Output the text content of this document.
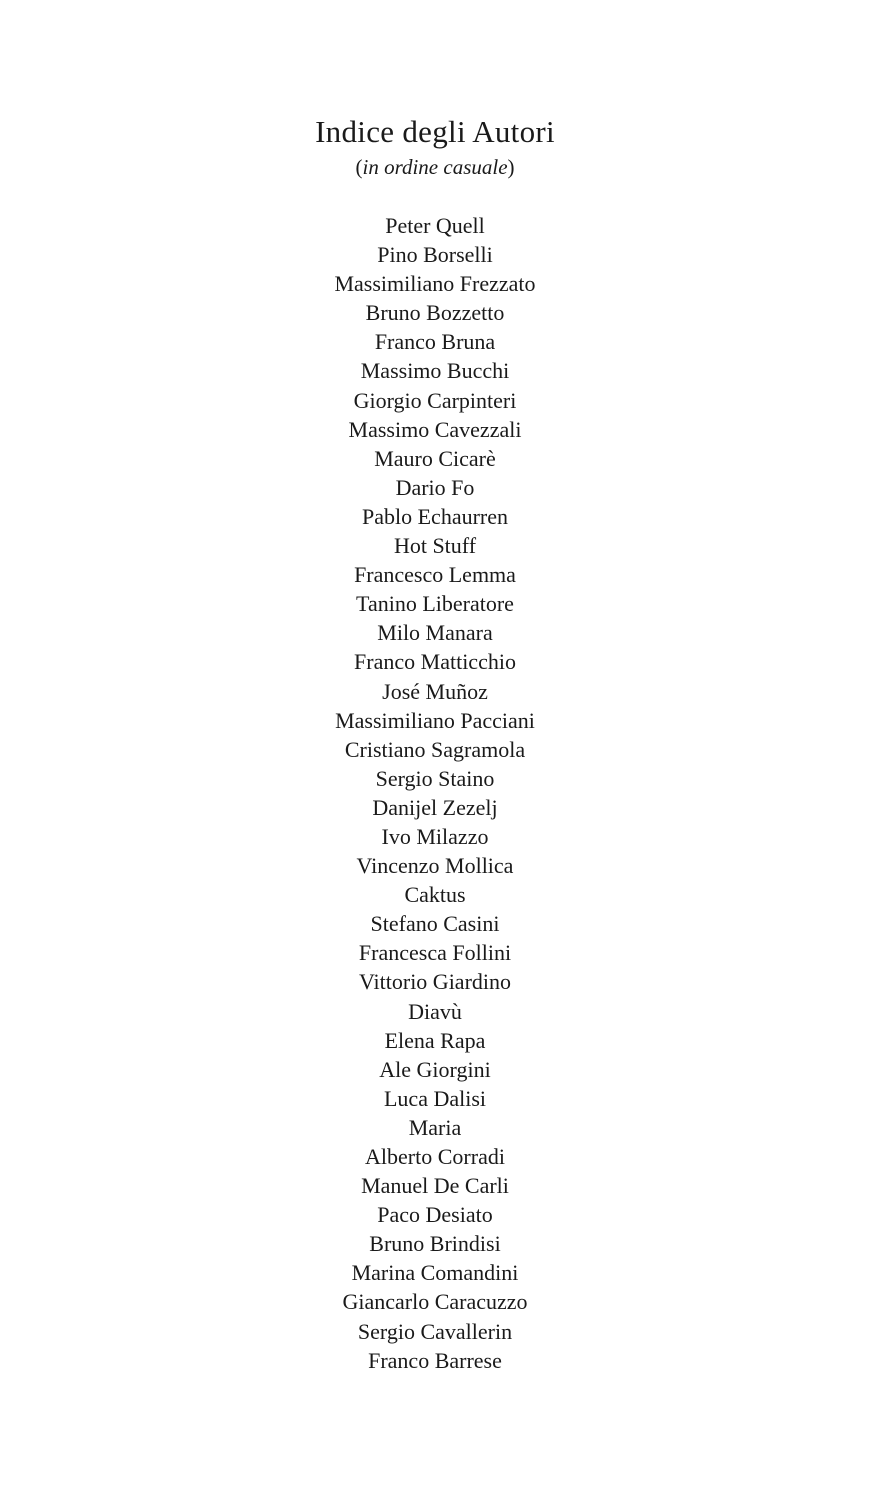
Indice degli Autori

(in ordine casuale)

Peter Quell
Pino Borselli
Massimiliano Frezzato
Bruno Bozzetto
Franco Bruna
Massimo Bucchi
Giorgio Carpinteri
Massimo Cavezzali
Mauro Cicarè
Dario Fo
Pablo Echaurren
Hot Stuff
Francesco Lemma
Tanino Liberatore
Milo Manara
Franco Matticchio
José Muñoz
Massimiliano Pacciani
Cristiano Sagramola
Sergio Staino
Danijel Zezelj
Ivo Milazzo
Vincenzo Mollica
Caktus
Stefano Casini
Francesca Follini
Vittorio Giardino
Diavù
Elena Rapa
Ale Giorgini
Luca Dalisi
Maria
Alberto Corradi
Manuel De Carli
Paco Desiato
Bruno Brindisi
Marina Comandini
Giancarlo Caracuzzo
Sergio Cavallerin
Franco Barrese
